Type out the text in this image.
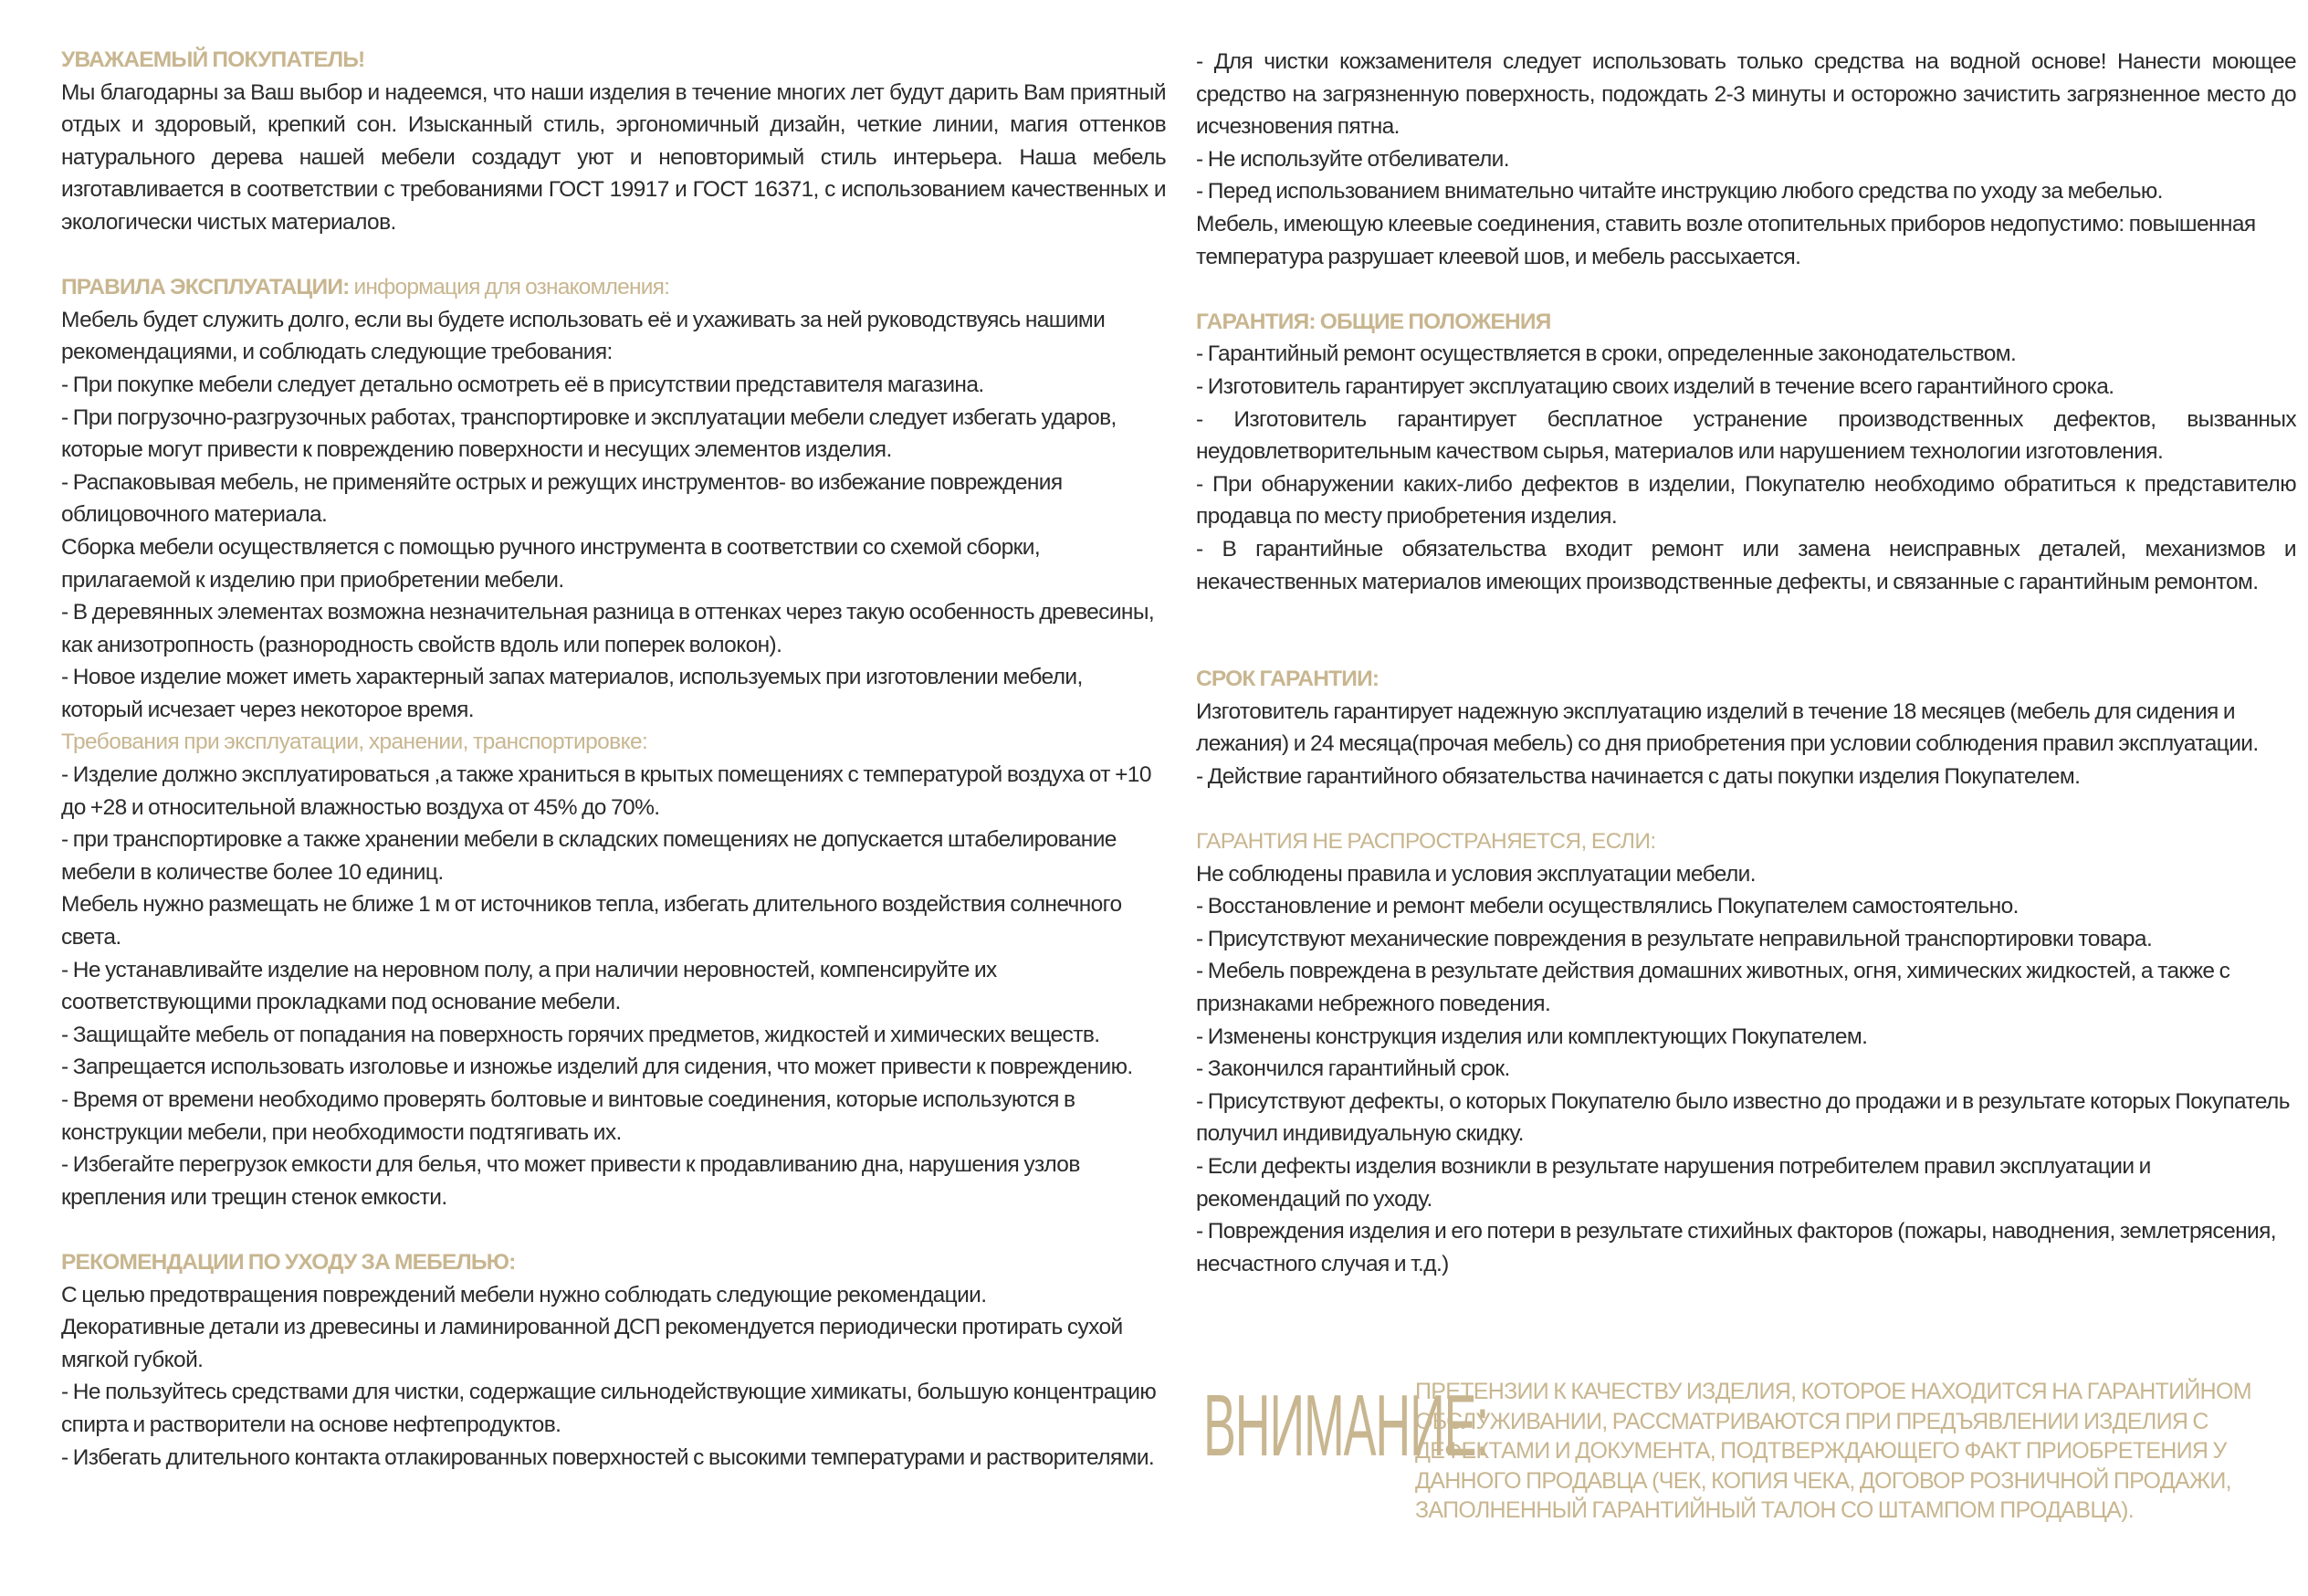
УВАЖАЕМЫЙ ПОКУПАТЕЛЬ!

Мы благодарны за Ваш выбор и надеемся, что наши изделия в течение многих лет будут дарить Вам приятный отдых и здоровый, крепкий сон. Изысканный стиль, эргономичный дизайн, четкие линии, магия оттенков натурального дерева нашей мебели создадут уют и неповторимый стиль интерьера. Наша мебель изготавливается в соответствии с требованиями ГОСТ 19917 и ГОСТ 16371, с использованием качественных и экологически чистых материалов.

ПРАВИЛА ЭКСПЛУАТАЦИИ: информация для ознакомления:

Мебель будет служить долго, если вы будете использовать её и ухаживать за ней руководствуясь нашими рекомендациями, и соблюдать следующие требования:

- При покупке мебели следует детально осмотреть её в присутствии представителя магазина.

- При погрузочно-разгрузочных работах, транспортировке и эксплуатации мебели следует избегать ударов, которые могут привести к повреждению поверхности и несущих элементов изделия.

- Распаковывая мебель, не применяйте острых и режущих инструментов- во избежание повреждения облицовочного материала.

Сборка мебели осуществляется с помощью ручного инструмента в соответствии со схемой сборки, прилагаемой к изделию при приобретении мебели.

- В деревянных элементах возможна незначительная разница в оттенках через такую особенность древесины, как анизотропность (разнородность свойств вдоль или поперек волокон).

- Новое изделие может иметь характерный запах материалов, используемых при изготовлении мебели, который исчезает через некоторое время.

Требования при эксплуатации, хранении, транспортировке:

- Изделие должно эксплуатироваться ,а также храниться в крытых помещениях с температурой воздуха от +10 до +28 и относительной влажностью воздуха от 45% до 70%.

- при транспортировке а также хранении мебели в складских помещениях не допускается штабелирование мебели в количестве более 10 единиц.

Мебель нужно размещать не ближе 1 м от источников тепла, избегать длительного воздействия солнечного света.

- Не устанавливайте изделие на неровном полу, а при наличии неровностей, компенсируйте их соответствующими прокладками под основание мебели.

- Защищайте мебель от попадания на поверхность горячих предметов, жидкостей и химических веществ.

- Запрещается использовать изголовье и изножье изделий для сидения, что может привести к повреждению.

- Время от времени необходимо проверять болтовые и винтовые соединения, которые используются в конструкции мебели, при необходимости подтягивать их.

- Избегайте перегрузок емкости для белья, что может привести к продавливанию дна, нарушения узлов крепления или трещин стенок емкости.

РЕКОМЕНДАЦИИ ПО УХОДУ ЗА МЕБЕЛЬЮ:

С целью предотвращения повреждений мебели нужно соблюдать следующие рекомендации.

Декоративные детали из древесины и ламинированной ДСП рекомендуется периодически протирать сухой мягкой губкой.

- Не пользуйтесь средствами для чистки, содержащие сильнодействующие химикаты, большую концентрацию спирта и растворители на основе нефтепродуктов.

- Избегать длительного контакта отлакированных поверхностей с высокими температурами и растворителями.

- Для чистки кожзаменителя следует использовать только средства на водной основе! Нанести моющее средство на загрязненную поверхность, подождать 2-3 минуты и осторожно зачистить загрязненное место до исчезновения пятна.

- Не используйте отбеливатели.

- Перед использованием внимательно читайте инструкцию любого средства по уходу за мебелью.

Мебель, имеющую клеевые соединения, ставить возле отопительных приборов недопустимо: повышенная температура разрушает клеевой шов, и мебель рассыхается.

ГАРАНТИЯ: ОБЩИЕ ПОЛОЖЕНИЯ

- Гарантийный ремонт осуществляется в сроки, определенные законодательством.

- Изготовитель гарантирует эксплуатацию своих изделий в течение всего гарантийного срока.

- Изготовитель гарантирует бесплатное устранение производственных дефектов, вызванных неудовлетворительным качеством сырья, материалов или нарушением технологии изготовления.

- При обнаружении каких-либо дефектов в изделии, Покупателю необходимо обратиться к представителю продавца по месту приобретения изделия.

- В гарантийные обязательства входит ремонт или замена неисправных деталей, механизмов и некачественных материалов имеющих производственные дефекты, и связанные с гарантийным ремонтом.

СРОК ГАРАНТИИ:

Изготовитель гарантирует надежную эксплуатацию изделий в течение 18 месяцев (мебель для сидения и лежания) и 24 месяца(прочая мебель) со дня приобретения при условии соблюдения правил эксплуатации.

- Действие гарантийного обязательства начинается с даты покупки изделия Покупателем.

ГАРАНТИЯ НЕ РАСПРОСТРАНЯЕТСЯ, ЕСЛИ:

Не соблюдены правила и условия эксплуатации мебели.

- Восстановление и ремонт мебели осуществлялись Покупателем самостоятельно.

- Присутствуют механические повреждения в результате неправильной транспортировки товара.

- Мебель повреждена в результате действия домашних животных, огня, химических жидкостей, а также с признаками небрежного поведения.

- Изменены конструкция изделия или комплектующих Покупателем.

- Закончился гарантийный срок.

- Присутствуют дефекты, о которых Покупателю было известно до продажи и в результате которых Покупатель получил индивидуальную скидку.

- Если дефекты изделия возникли в результате нарушения потребителем правил эксплуатации и рекомендаций по уходу.

- Повреждения изделия и его потери в результате стихийных факторов (пожары, наводнения, землетрясения, несчастного случая и т.д.)

ВНИМАНИЕ:
ПРЕТЕНЗИИ К КАЧЕСТВУ ИЗДЕЛИЯ, КОТОРОЕ НАХОДИТСЯ НА ГАРАНТИЙНОМ ОБСЛУЖИВАНИИ, РАССМАТРИВАЮТСЯ ПРИ ПРЕДЪЯВЛЕНИИ ИЗДЕЛИЯ С ДЕФЕКТАМИ И ДОКУМЕНТА, ПОДТВЕРЖДАЮЩЕГО ФАКТ ПРИОБРЕТЕНИЯ У ДАННОГО ПРОДАВЦА (ЧЕК, КОПИЯ ЧЕКА, ДОГОВОР РОЗНИЧНОЙ ПРОДАЖИ, ЗАПОЛНЕННЫЙ ГАРАНТИЙНЫЙ ТАЛОН СО ШТАМПОМ ПРОДАВЦА).
